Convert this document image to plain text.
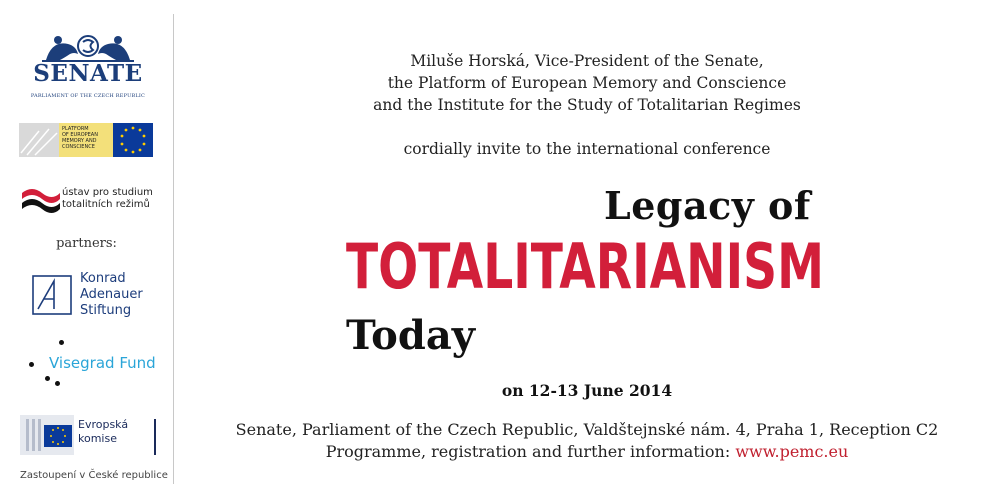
SENATE
PARLIAMENT OF THE CZECH REPUBLIC
PLATFORM
OF EUROPEAN
MEMORY AND
CONSCIENCE
ústav pro studium
totalitních režimů
partners:
Konrad
Adenauer
Stiftung
Visegrad Fund
Evropská
komise
Zastoupení v České republice
Miluše Horská, Vice-President of the Senate,
the Platform of European Memory and Conscience
and the Institute for the Study of Totalitarian Regimes
cordially invite to the international conference
Legacy of
TOTALITARIANISM
Today
on 12-13 June 2014
Senate, Parliament of the Czech Republic, Valdštejnské nám. 4, Praha 1, Reception C2
Programme, registration and further information: www.pemc.eu
